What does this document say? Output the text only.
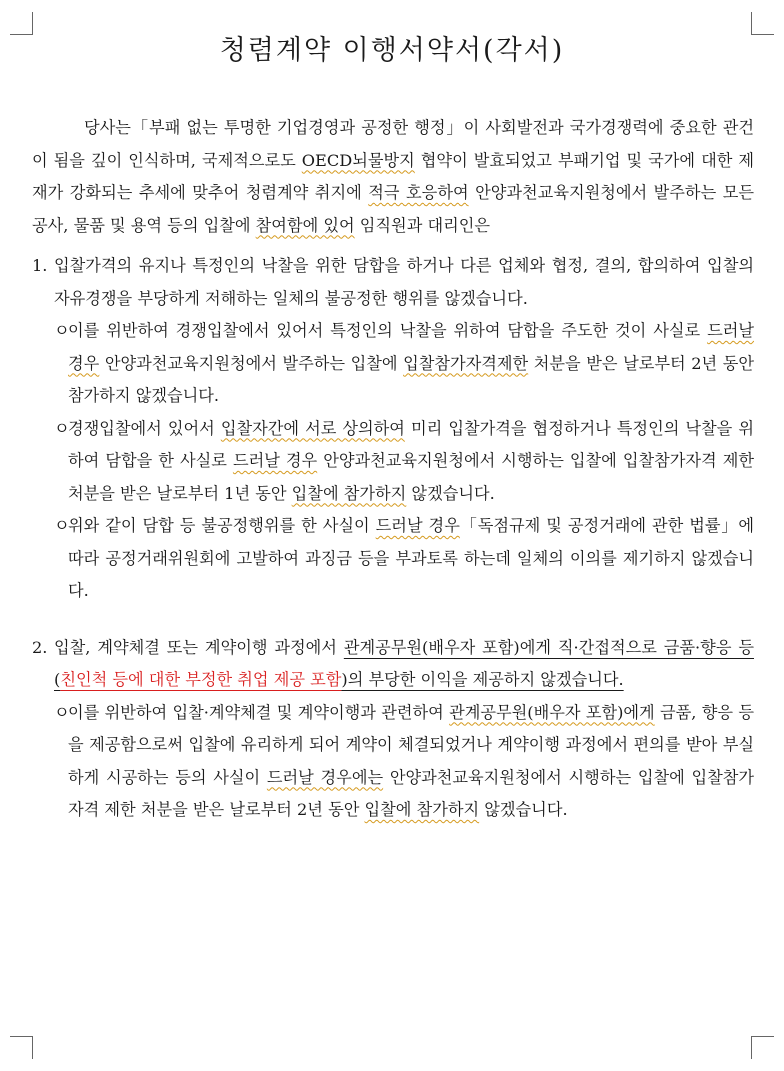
청렴계약 이행서약서(각서)

당사는「부패 없는 투명한 기업경영과 공정한 행정」이 사회발전과 국가경쟁력에 중요한 관건이 됨을 깊이 인식하며, 국제적으로도 OECD뇌물방지 협약이 발효되었고 부패기업 및 국가에 대한 제재가 강화되는 추세에 맞추어 청렴계약 취지에 적극 호응하여 안양과천교육지원청에서 발주하는 모든 공사, 물품 및 용역 등의 입찰에 참여함에 있어 임직원과 대리인은

1. 입찰가격의 유지나 특정인의 낙찰을 위한 담합을 하거나 다른 업체와 협정, 결의, 합의하여 입찰의 자유경쟁을 부당하게 저해하는 일체의 불공정한 행위를 않겠습니다.

ㅇ이를 위반하여 경쟁입찰에서 있어서 특정인의 낙찰을 위하여 담합을 주도한 것이 사실로 드러날 경우 안양과천교육지원청에서 발주하는 입찰에 입찰참가자격제한 처분을 받은 날로부터 2년 동안 참가하지 않겠습니다.

ㅇ경쟁입찰에서 있어서 입찰자간에 서로 상의하여 미리 입찰가격을 협정하거나 특정인의 낙찰을 위하여 담합을 한 사실로 드러날 경우 안양과천교육지원청에서 시행하는 입찰에 입찰참가자격 제한 처분을 받은 날로부터 1년 동안 입찰에 참가하지 않겠습니다.

ㅇ위와 같이 담합 등 불공정행위를 한 사실이 드러날 경우「독점규제 및 공정거래에 관한 법률」에 따라 공정거래위원회에 고발하여 과징금 등을 부과토록 하는데 일체의 이의를 제기하지 않겠습니다.

2. 입찰, 계약체결 또는 계약이행 과정에서 관계공무원(배우자 포함)에게 직·간접적으로 금품·향응 등(친인척 등에 대한 부정한 취업 제공 포함)의 부당한 이익을 제공하지 않겠습니다.

ㅇ이를 위반하여 입찰·계약체결 및 계약이행과 관련하여 관계공무원(배우자 포함)에게 금품, 향응 등을 제공함으로써 입찰에 유리하게 되어 계약이 체결되었거나 계약이행 과정에서 편의를 받아 부실하게 시공하는 등의 사실이 드러날 경우에는 안양과천교육지원청에서 시행하는 입찰에 입찰참가자격 제한 처분을 받은 날로부터 2년 동안 입찰에 참가하지 않겠습니다.
